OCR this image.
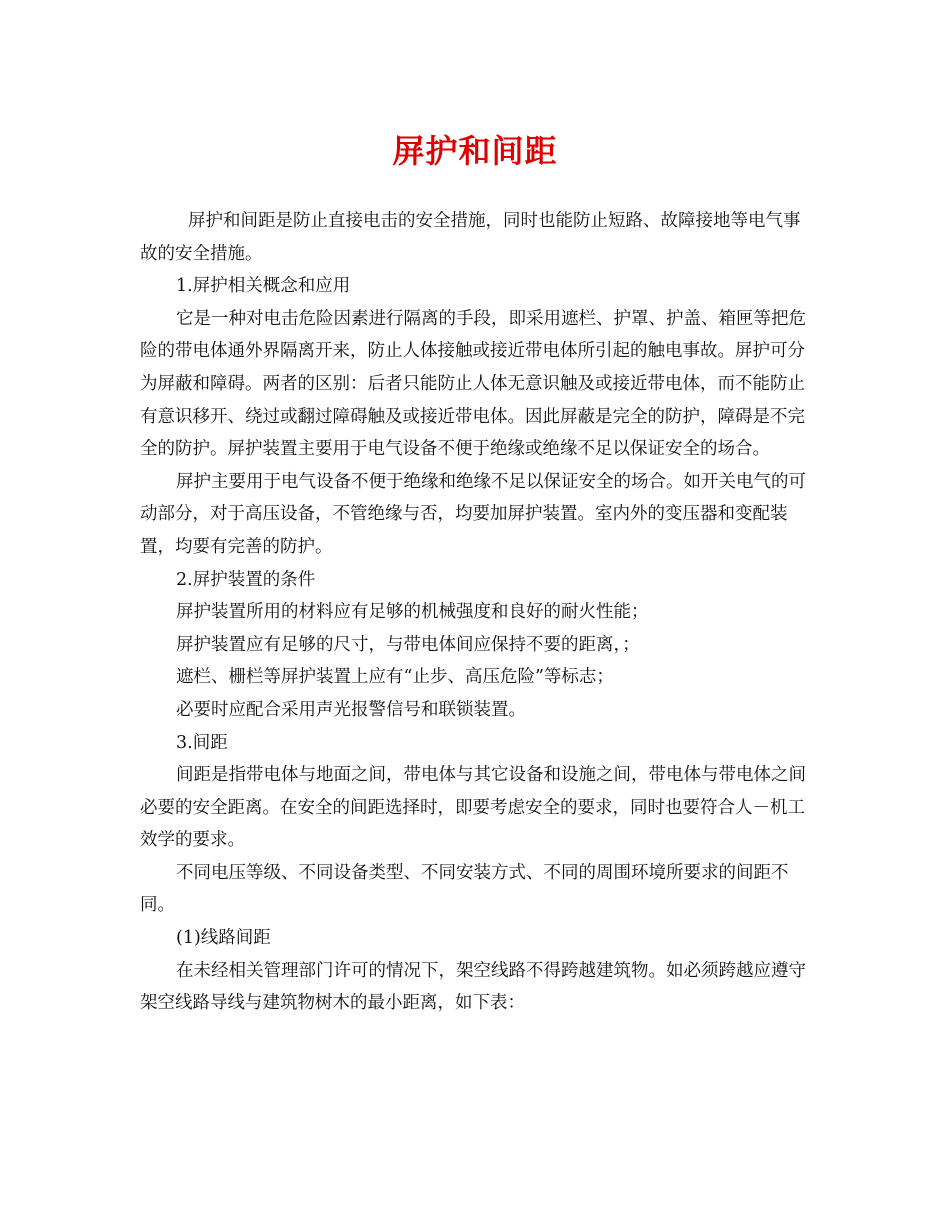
屏护和间距

屏护和间距是防止直接电击的安全措施，同时也能防止短路、故障接地等电气事故的安全措施。

1.屏护相关概念和应用

它是一种对电击危险因素进行隔离的手段，即采用遮栏、护罩、护盖、箱匣等把危险的带电体通外界隔离开来，防止人体接触或接近带电体所引起的触电事故。屏护可分为屏蔽和障碍。两者的区别：后者只能防止人体无意识触及或接近带电体，而不能防止有意识移开、绕过或翻过障碍触及或接近带电体。因此屏蔽是完全的防护，障碍是不完全的防护。屏护装置主要用于电气设备不便于绝缘或绝缘不足以保证安全的场合。

屏护主要用于电气设备不便于绝缘和绝缘不足以保证安全的场合。如开关电气的可动部分，对于高压设备，不管绝缘与否，均要加屏护装置。室内外的变压器和变配装置，均要有完善的防护。

2.屏护装置的条件

屏护装置所用的材料应有足够的机械强度和良好的耐火性能；

屏护装置应有足够的尺寸，与带电体间应保持不要的距离，；

遮栏、栅栏等屏护装置上应有“止步、高压危险”等标志；

必要时应配合采用声光报警信号和联锁装置。

3.间距

间距是指带电体与地面之间，带电体与其它设备和设施之间，带电体与带电体之间必要的安全距离。在安全的间距选择时，即要考虑安全的要求，同时也要符合人－机工效学的要求。

不同电压等级、不同设备类型、不同安装方式、不同的周围环境所要求的间距不同。

(1)线路间距

在未经相关管理部门许可的情况下，架空线路不得跨越建筑物。如必须跨越应遵守架空线路导线与建筑物树木的最小距离，如下表：
